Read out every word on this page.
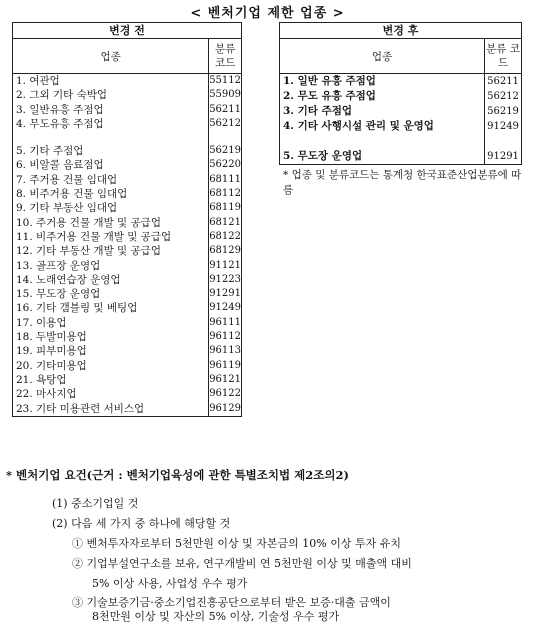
< 벤처기업 제한 업종 >
변경 전	
업종	분류 코드
1. 여관업	55112
2. 그외 기타 숙박업	55909
3. 일반유흥 주점업	56211
4. 무도유흥 주점업	56212

5. 기타 주점업	56219
6. 비알콜 음료점업	56220
7. 주거용 건물 임대업	68111
8. 비주거용 건물 임대업	68112
9. 기타 부동산 임대업	68119
10. 주거용 건물 개발 및 공급업	68121
11. 비주거용 건물 개발 및 공급업	68122
12. 기타 부동산 개발 및 공급업	68129
13. 골프장 운영업	91121
14. 노래연습장 운영업	91223
15. 무도장 운영업	91291
16. 기타 갬블링 및 베팅업	91249
17. 이용업	96111
18. 두발미용업	96112
19. 피부미용업	96113
20. 기타미용업	96119
21. 욕탕업	96121
22. 마사지업	96122
23. 기타 미용관련 서비스업	96129
변경 후	
업종	분류 코드
1. 일반 유흥 주점업	56211
2. 무도 유흥 주점업	56212
3. 기타 주점업	56219
4. 기타 사행시설 관리 및 운영업	91249
5. 무도장 운영업	91291
* 업종 및 분류코드는 통계청 한국표준산업분류에 따름
* 벤처기업 요건(근거 : 벤처기업육성에 관한 특별조치법 제2조의2)
(1) 중소기업일 것
(2) 다음 세 가지 중 하나에 해당할 것
① 벤처투자자로부터 5천만원 이상 및 자본금의 10% 이상 투자 유치
② 기업부설연구소를 보유, 연구개발비 연 5천만원 이상 및 매출액 대비
5% 이상 사용, 사업성 우수 평가
③ 기술보증기금·중소기업진흥공단으로부터 받은 보증·대출 금액이
8천만원 이상 및 자산의 5% 이상, 기술성 우수 평가
